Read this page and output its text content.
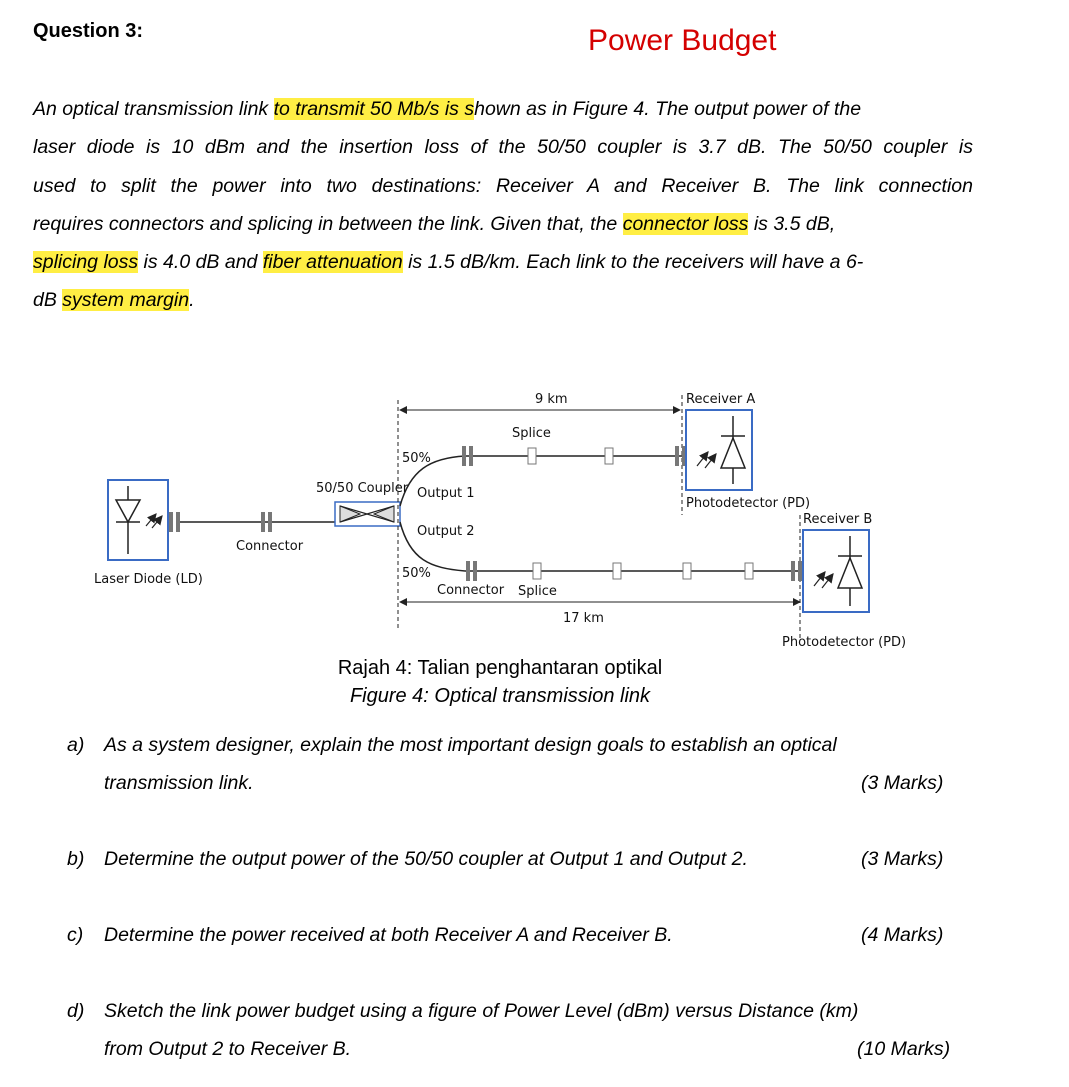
Question 3:	Power Budget
An optical transmission link to transmit 50 Mb/s is shown as in Figure 4. The output power of the
laser diode is 10 dBm and the insertion loss of the 50/50 coupler is 3.7 dB. The 50/50 coupler is
used to split the power into two destinations: Receiver A and Receiver B. The link connection
requires connectors and splicing in between the link. Given that, the connector loss is 3.5 dB,
splicing loss is 4.0 dB and fiber attenuation is 1.5 dB/km. Each link to the receivers will have a 6-
dB system margin.
Laser Diode (LD)
Connector
50/50 Coupler
50%
50%
Output 1
Output 2
9 km
Splice
Receiver A
Photodetector (PD)
Connector Splice
17 km
Receiver B
Photodetector (PD)
Rajah 4: Talian penghantaran optikal
Figure 4: Optical transmission link
a) As a system designer, explain the most important design goals to establish an optical
transmission link.	(3 Marks)
b) Determine the output power of the 50/50 coupler at Output 1 and Output 2.	(3 Marks)
c) Determine the power received at both Receiver A and Receiver B.	(4 Marks)
d) Sketch the link power budget using a figure of Power Level (dBm) versus Distance (km)
from Output 2 to Receiver B.	(10 Marks)
